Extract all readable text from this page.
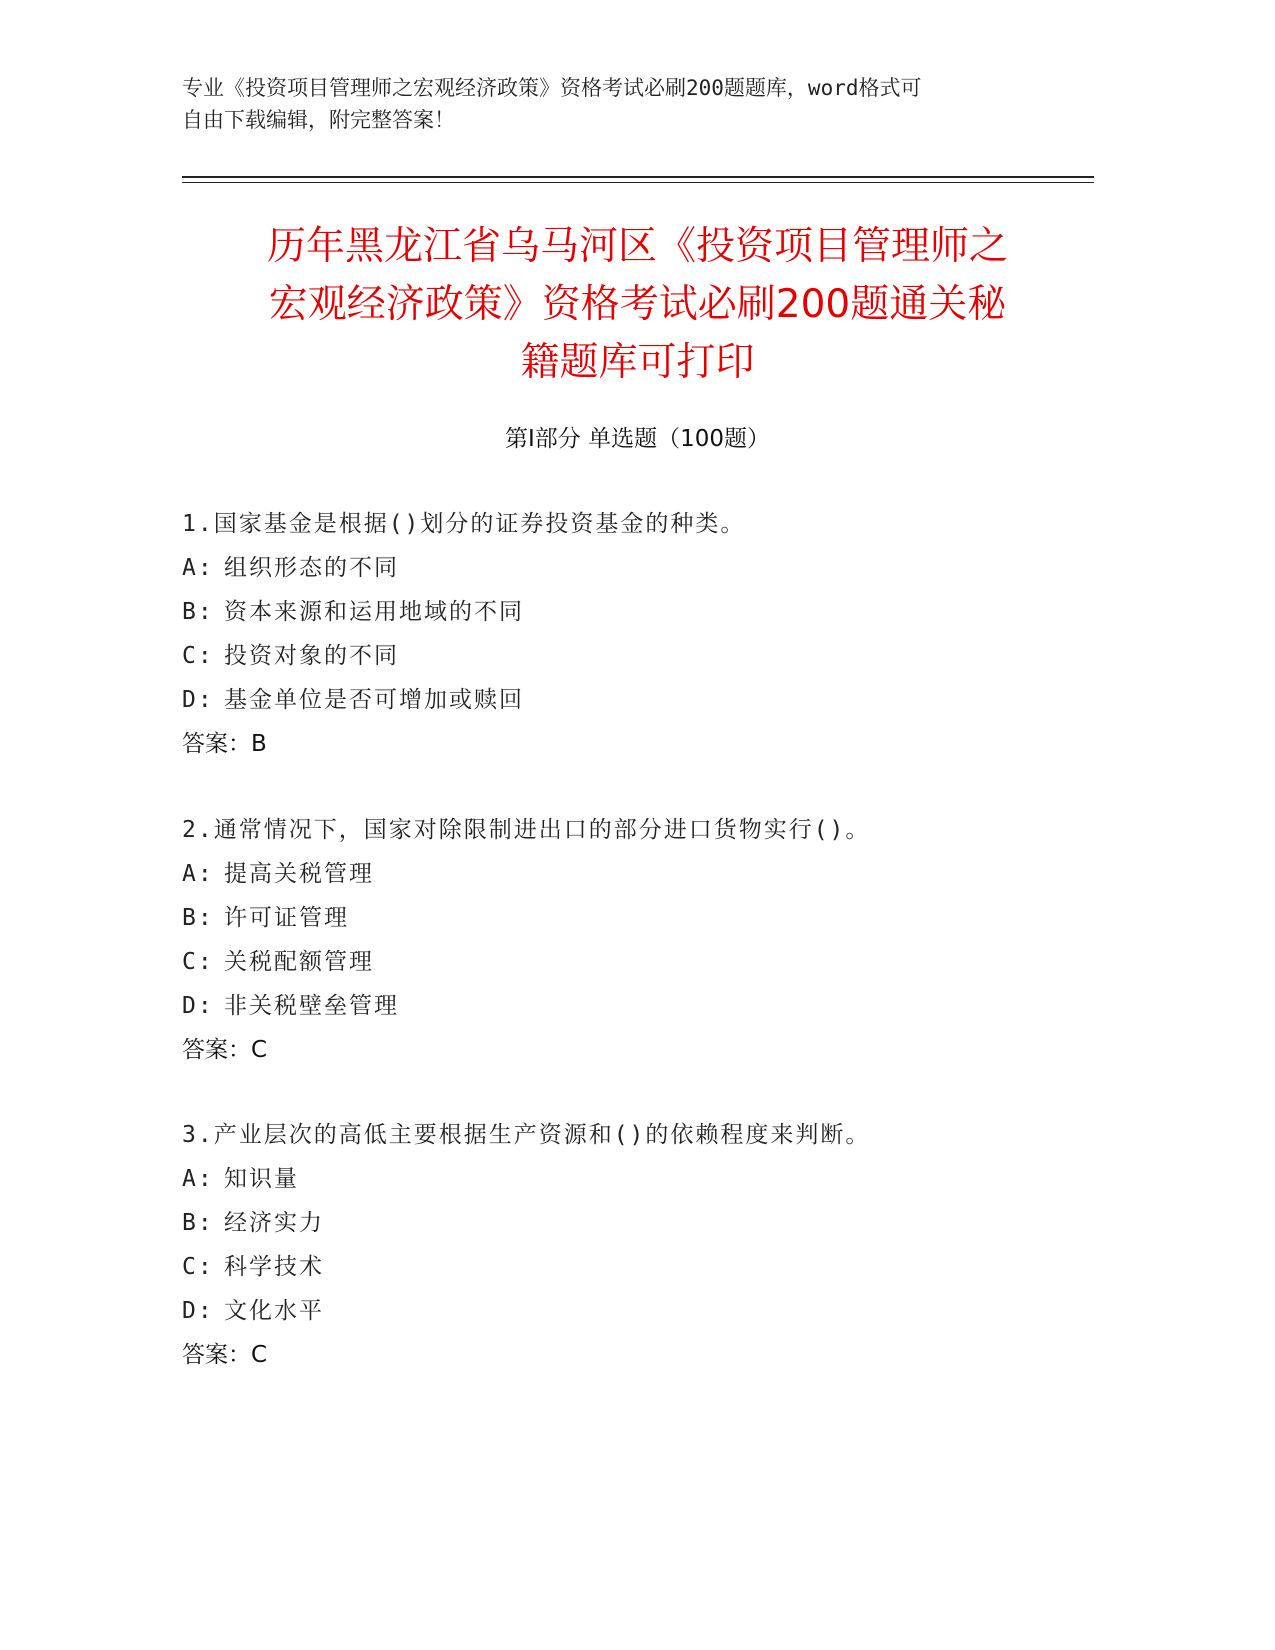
专业《投资项目管理师之宏观经济政策》资格考试必刷200题题库，word格式可
自由下载编辑，附完整答案！
历年黑龙江省乌马河区《投资项目管理师之
宏观经济政策》资格考试必刷200题通关秘
籍题库可打印
第Ⅰ部分 单选题（100题）
1.国家基金是根据()划分的证券投资基金的种类。
A: 组织形态的不同
B: 资本来源和运用地域的不同
C: 投资对象的不同
D: 基金单位是否可增加或赎回
答案：B
2.通常情况下，国家对除限制进出口的部分进口货物实行()。
A: 提高关税管理
B: 许可证管理
C: 关税配额管理
D: 非关税壁垒管理
答案：C
3.产业层次的高低主要根据生产资源和()的依赖程度来判断。
A: 知识量
B: 经济实力
C: 科学技术
D: 文化水平
答案：C
